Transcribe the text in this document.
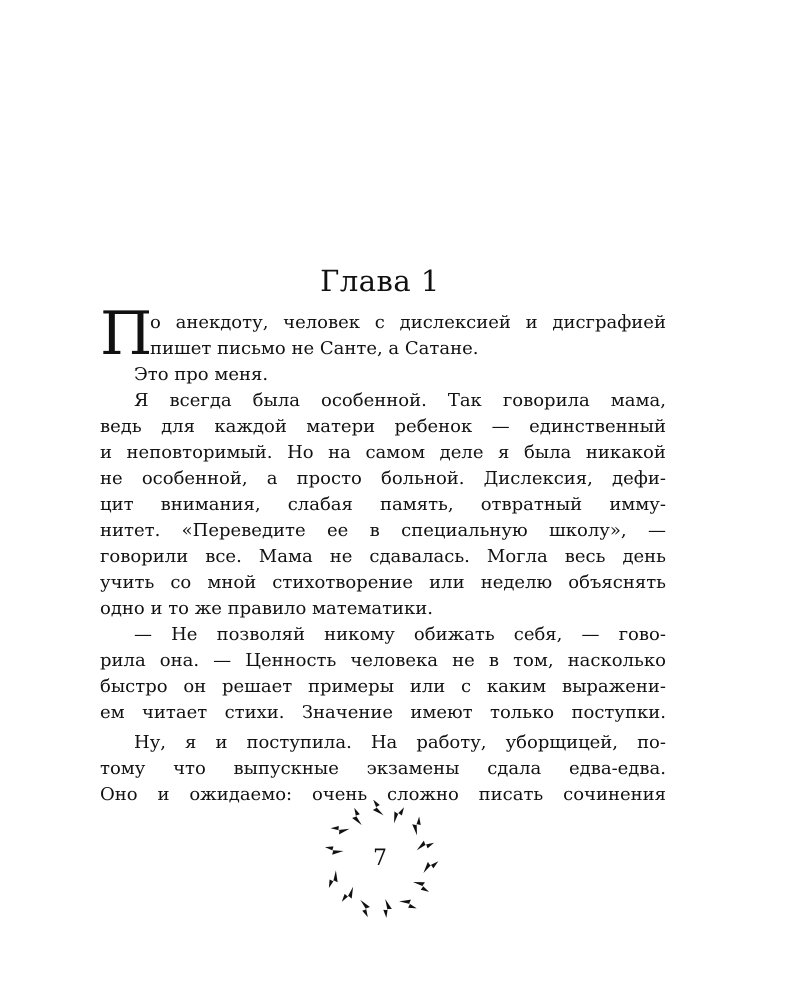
Глава 1
П
о анекдоту, человек с дислексией и дисграфией
пишет письмо не Санте, а Сатане.
Это про меня.
Я всегда была особенной. Так говорила мама,
ведь для каждой матери ребенок — единственный
и неповторимый. Но на самом деле я была никакой
не особенной, а просто больной. Дислексия, дефи-
цит внимания, слабая память, отвратный имму-
нитет. «Переведите ее в специальную школу», —
говорили все. Мама не сдавалась. Могла весь день
учить со мной стихотворение или неделю объяснять
одно и то же правило математики.
— Не позволяй никому обижать себя, — гово-
рила она. — Ценность человека не в том, насколько
быстро он решает примеры или с каким выражени-
ем читает стихи. Значение имеют только поступки.
Ну, я и поступила. На работу, уборщицей, по-
тому что выпускные экзамены сдала едва-едва.
Оно и ожидаемо: очень сложно писать сочинения
7
